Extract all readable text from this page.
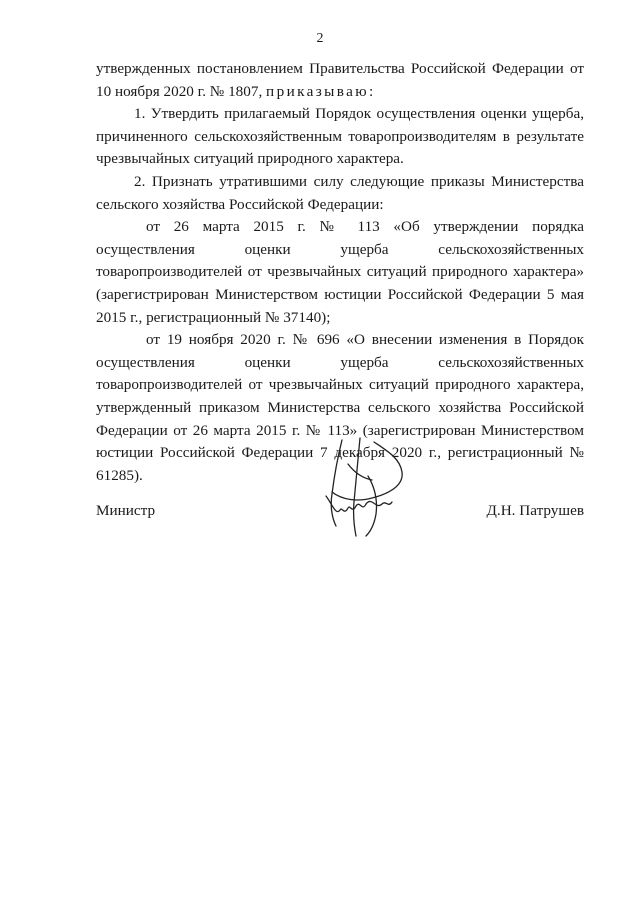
2

утвержденных постановлением Правительства Российской Федерации от 10 ноября 2020 г. № 1807, приказываю:

1. Утвердить прилагаемый Порядок осуществления оценки ущерба, причиненного сельскохозяйственным товаропроизводителям в результате чрезвычайных ситуаций природного характера.

2. Признать утратившими силу следующие приказы Министерства сельского хозяйства Российской Федерации:

от 26 марта 2015 г. № 113 «Об утверждении порядка осуществления оценки ущерба сельскохозяйственных товаропроизводителей от чрезвычайных ситуаций природного характера» (зарегистрирован Министерством юстиции Российской Федерации 5 мая 2015 г., регистрационный № 37140);

от 19 ноября 2020 г. № 696 «О внесении изменения в Порядок осуществления оценки ущерба сельскохозяйственных товаропроизводителей от чрезвычайных ситуаций природного характера, утвержденный приказом Министерства сельского хозяйства Российской Федерации от 26 марта 2015 г. № 113» (зарегистрирован Министерством юстиции Российской Федерации 7 декабря 2020 г., регистрационный № 61285).

Министр	Д.Н. Патрушев
